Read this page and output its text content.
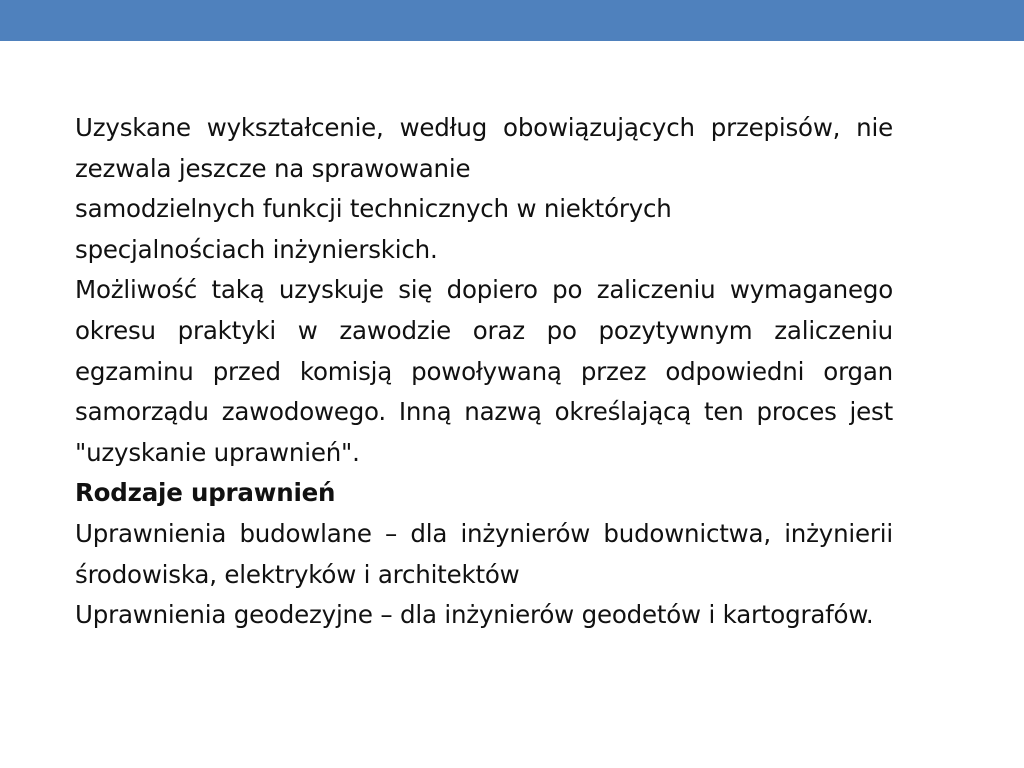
Uzyskane wykształcenie, według obowiązujących przepisów, nie zezwala jeszcze na sprawowanie

samodzielnych funkcji technicznych w niektórych
specjalnościach inżynierskich.

Możliwość taką uzyskuje się dopiero po zaliczeniu wymaganego okresu praktyki w zawodzie oraz po pozytywnym zaliczeniu egzaminu przed komisją powoływaną przez odpowiedni organ samorządu zawodowego. Inną nazwą określającą ten proces jest "uzyskanie uprawnień".

Rodzaje uprawnień

Uprawnienia budowlane – dla inżynierów budownictwa, inżynierii środowiska, elektryków i architektów

Uprawnienia geodezyjne – dla inżynierów geodetów i kartografów.
